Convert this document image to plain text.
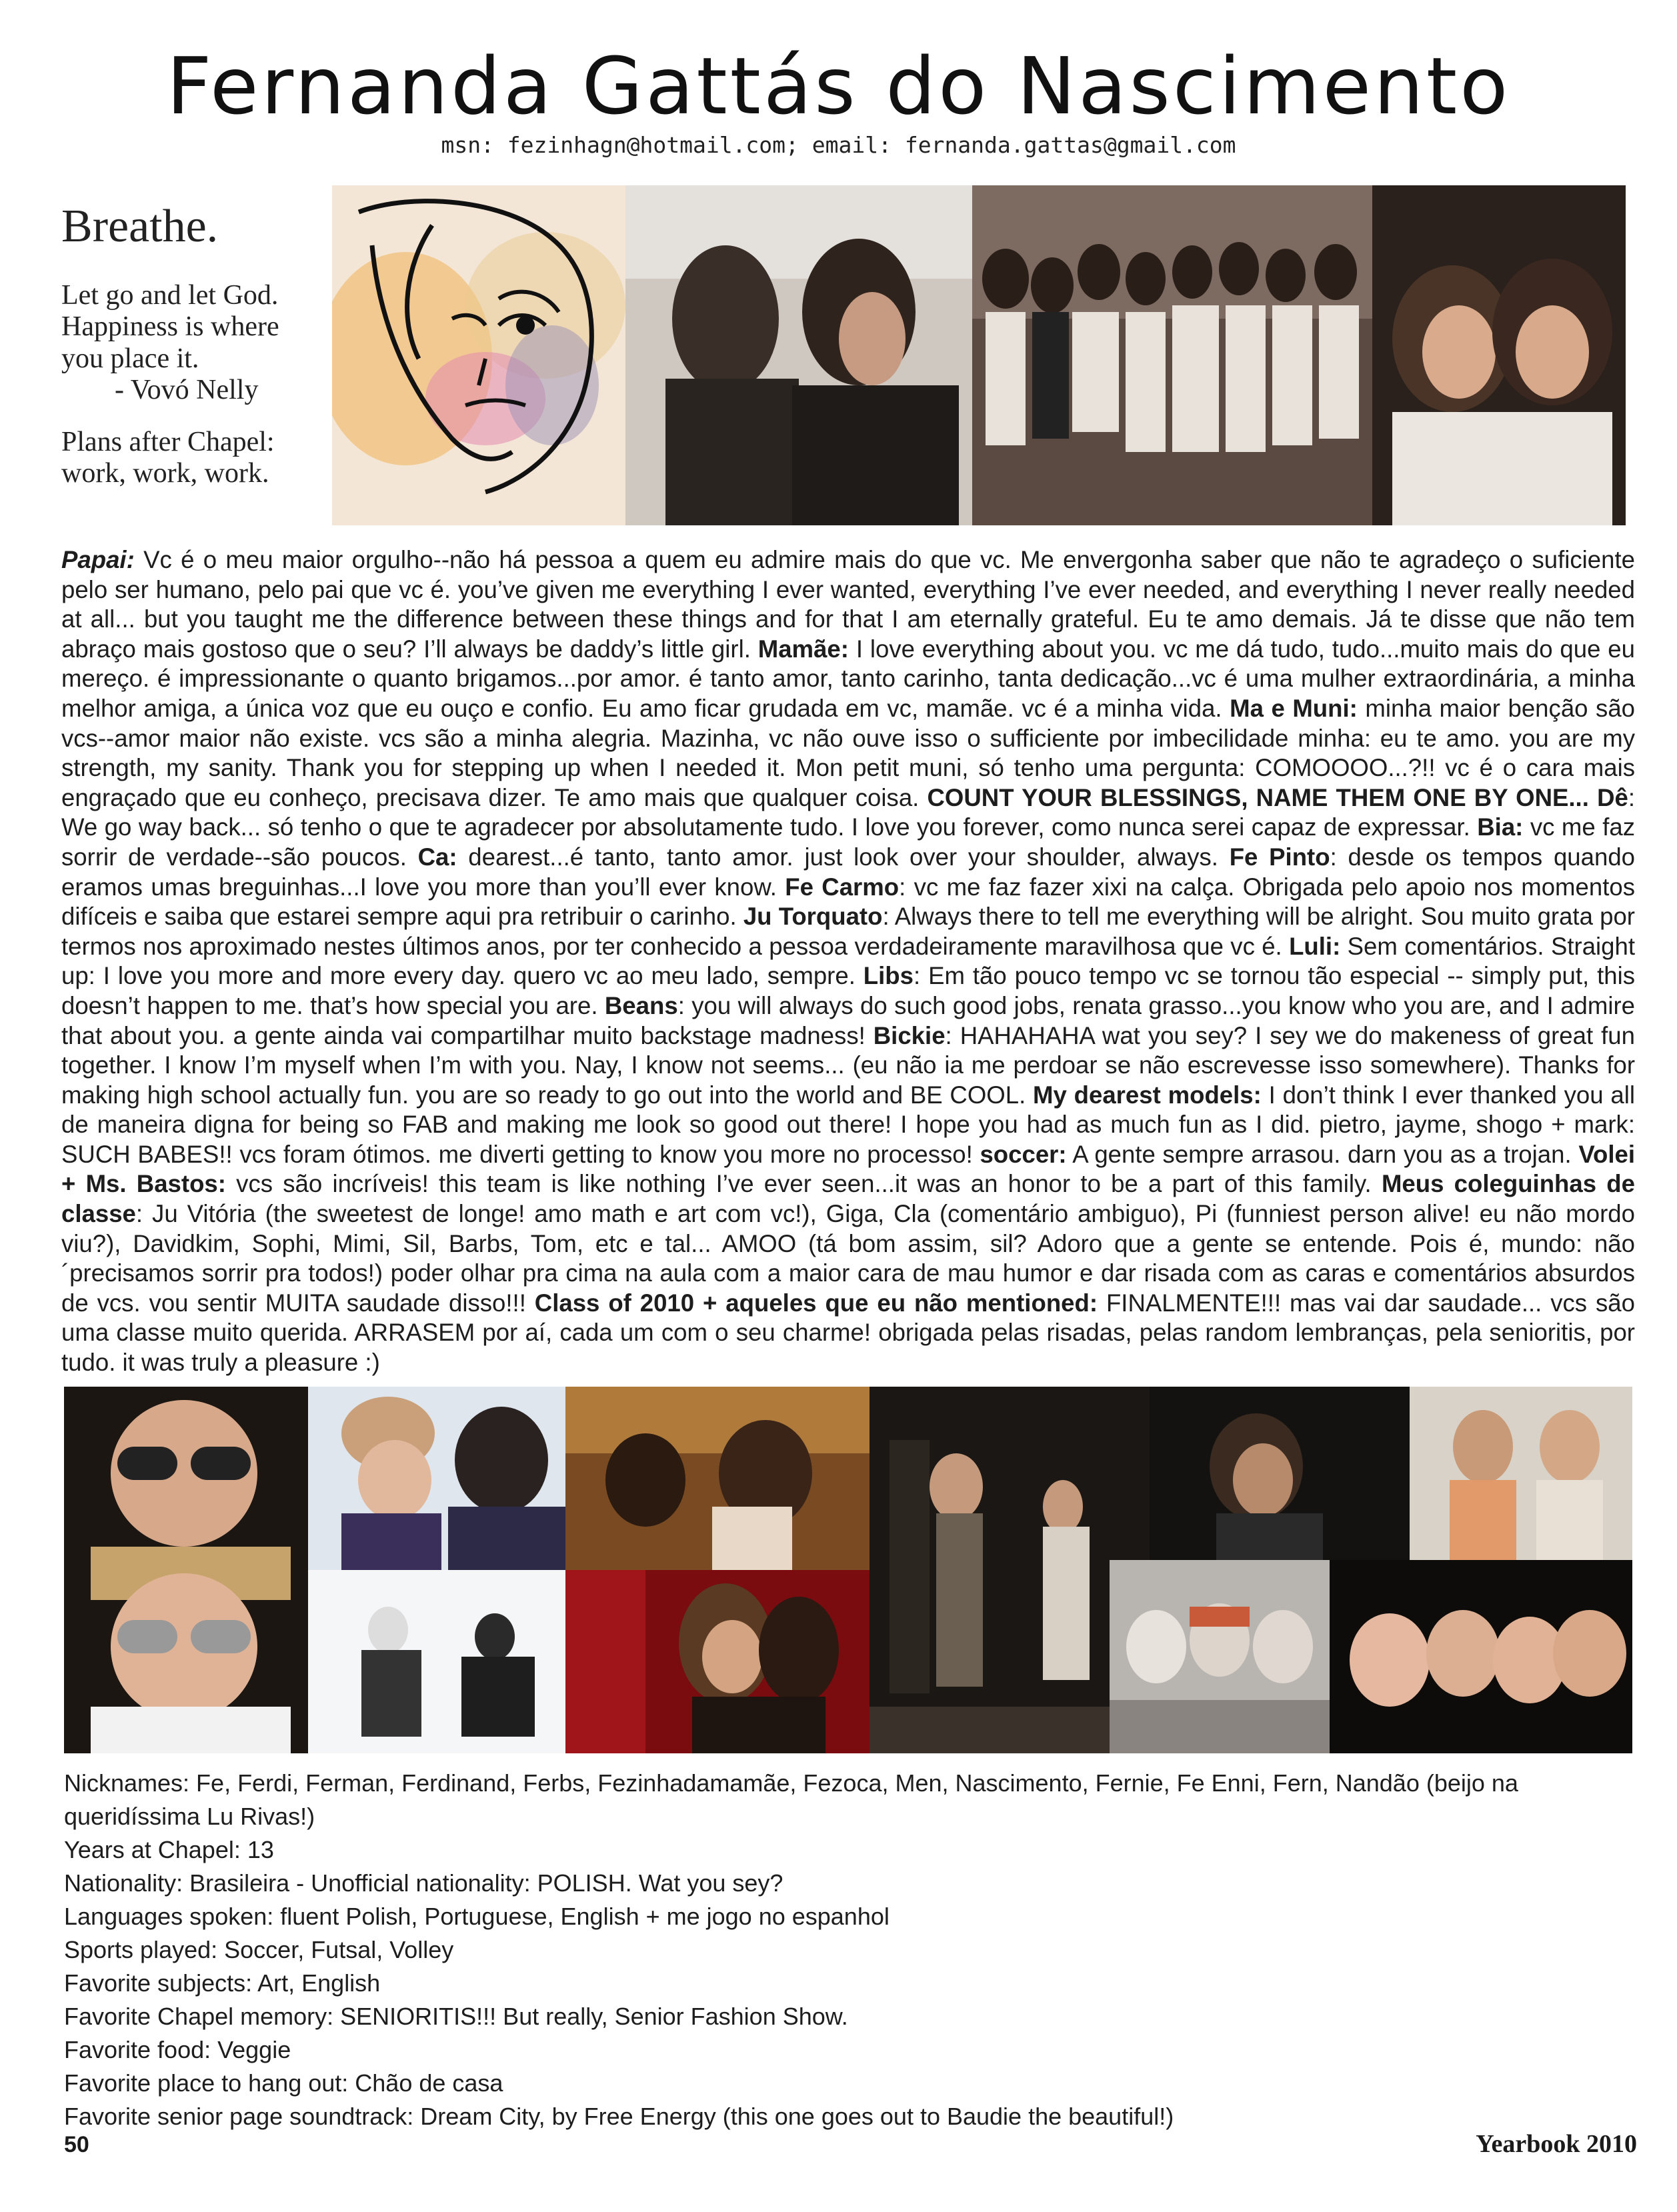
Fernanda Gattás do Nascimento
msn: fezinhagn@hotmail.com; email: fernanda.gattas@gmail.com
Breathe.
Let go and let God.
Happiness is where
you place it.
- Vovó Nelly
Plans after Chapel:
work, work, work.
Papai: Vc é o meu maior orgulho--não há pessoa a quem eu admire mais do que vc. Me envergonha saber que não te agradeço o suficiente pelo ser humano, pelo pai que vc é. you’ve given me everything I ever wanted, everything I’ve ever needed, and everything I never really needed at all... but you taught me the difference between these things and for that I am eternally grateful. Eu te amo demais. Já te disse que não tem abraço mais gostoso que o seu? I’ll always be daddy’s little girl. Mamãe: I love everything about you. vc me dá tudo, tudo...muito mais do que eu mereço. é impressionante o quanto brigamos...por amor. é tanto amor, tanto carinho, tanta dedicação...vc é uma mulher extraordinária, a minha melhor amiga, a única voz que eu ouço e confio. Eu amo ficar grudada em vc, mamãe. vc é a minha vida. Ma e Muni: minha maior benção são vcs--amor maior não existe. vcs são a minha alegria. Mazinha, vc não ouve isso o sufficiente por imbecilidade minha: eu te amo. you are my strength, my sanity. Thank you for stepping up when I needed it. Mon petit muni, só tenho uma pergunta: COMOOOO...?!! vc é o cara mais engraçado que eu conheço, precisava dizer. Te amo mais que qualquer coisa. COUNT YOUR BLESSINGS, NAME THEM ONE BY ONE... Dê: We go way back... só tenho o que te agradecer por absolutamente tudo. I love you forever, como nunca serei capaz de expressar. Bia: vc me faz sorrir de verdade--são poucos. Ca: dearest...é tanto, tanto amor. just look over your shoulder, always. Fe Pinto: desde os tempos quando eramos umas breguinhas...I love you more than you’ll ever know. Fe Carmo: vc me faz fazer xixi na calça. Obrigada pelo apoio nos momentos difíceis e saiba que estarei sempre aqui pra retribuir o carinho. Ju Torquato: Always there to tell me everything will be alright. Sou muito grata por termos nos aproximado nestes últimos anos, por ter conhecido a pessoa verdadeiramente maravilhosa que vc é. Luli: Sem comentários. Straight up: I love you more and more every day. quero vc ao meu lado, sempre. Libs: Em tão pouco tempo vc se tornou tão especial -- simply put, this doesn’t happen to me. that’s how special you are. Beans: you will always do such good jobs, renata grasso...you know who you are, and I admire that about you. a gente ainda vai compartilhar muito backstage madness! Bickie: HAHAHAHA wat you sey? I sey we do makeness of great fun together. I know I’m myself when I’m with you. Nay, I know not seems... (eu não ia me perdoar se não escrevesse isso somewhere). Thanks for making high school actually fun. you are so ready to go out into the world and BE COOL. My dearest models: I don’t think I ever thanked you all de maneira digna for being so FAB and making me look so good out there! I hope you had as much fun as I did. pietro, jayme, shogo + mark: SUCH BABES!! vcs foram ótimos. me diverti getting to know you more no processo! soccer: A gente sempre arrasou. darn you as a trojan. Volei + Ms. Bastos: vcs são incríveis! this team is like nothing I’ve ever seen...it was an honor to be a part of this family. Meus coleguinhas de classe: Ju Vitória (the sweetest de longe! amo math e art com vc!), Giga, Cla (comentário ambiguo), Pi (funniest person alive! eu não mordo viu?), Davidkim, Sophi, Mimi, Sil, Barbs, Tom, etc e tal... AMOO (tá bom assim, sil? Adoro que a gente se entende. Pois é, mundo: não ´precisamos sorrir pra todos!) poder olhar pra cima na aula com a maior cara de mau humor e dar risada com as caras e comentários absurdos de vcs. vou sentir MUITA saudade disso!!! Class of 2010 + aqueles que eu não mentioned: FINALMENTE!!! mas vai dar saudade... vcs são uma classe muito querida. ARRASEM por aí, cada um com o seu charme! obrigada pelas risadas, pelas random lembranças, pela senioritis, por tudo. it was truly a pleasure :)
Nicknames: Fe, Ferdi, Ferman, Ferdinand, Ferbs, Fezinhadamamãe, Fezoca, Men, Nascimento, Fernie, Fe Enni, Fern, Nandão (beijo na queridíssima Lu Rivas!)
Years at Chapel: 13
Nationality: Brasileira - Unofficial nationality: POLISH. Wat you sey?
Languages spoken: fluent Polish, Portuguese, English + me jogo no espanhol
Sports played: Soccer, Futsal, Volley
Favorite subjects: Art, English
Favorite Chapel memory: SENIORITIS!!! But really, Senior Fashion Show.
Favorite food: Veggie
Favorite place to hang out: Chão de casa
Favorite senior page soundtrack: Dream City, by Free Energy (this one goes out to Baudie the beautiful!)
50	Yearbook 2010
